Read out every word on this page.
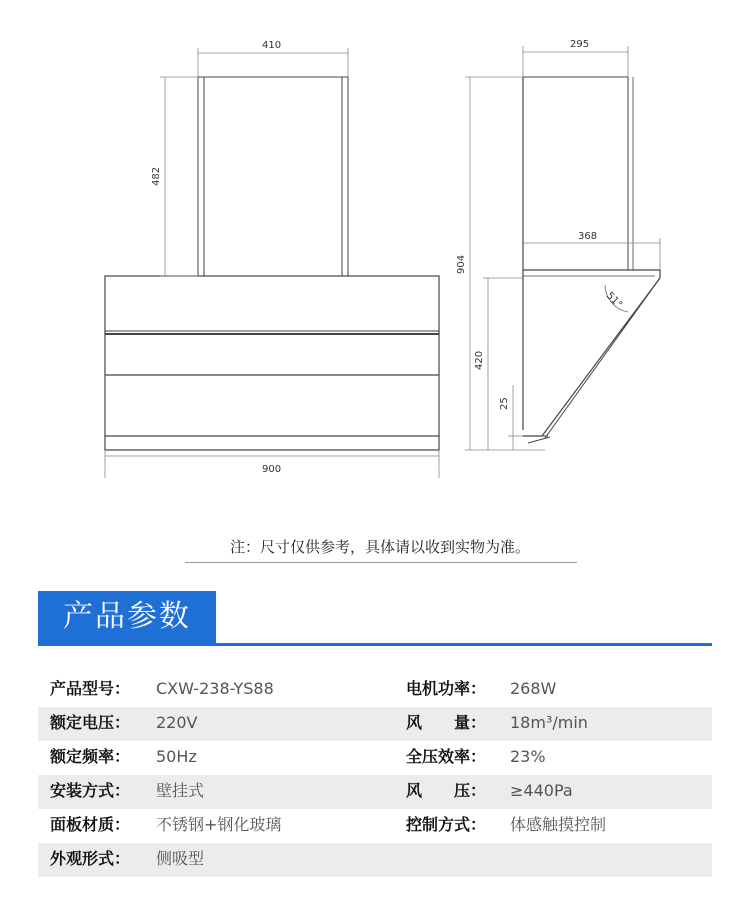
410
482
900
295
368
904
420
25
51°
注：尺寸仅供参考，具体请以收到实物为准。
产品参数
产品型号： CXW-238-YS88	电机功率： 268W
额定电压： 220V	风　　量： 18m³/min
额定频率： 50Hz	全压效率： 23%
安装方式： 壁挂式	风　　压： ≥440Pa
面板材质： 不锈钢+钢化玻璃	控制方式： 体感触摸控制
外观形式： 侧吸型
